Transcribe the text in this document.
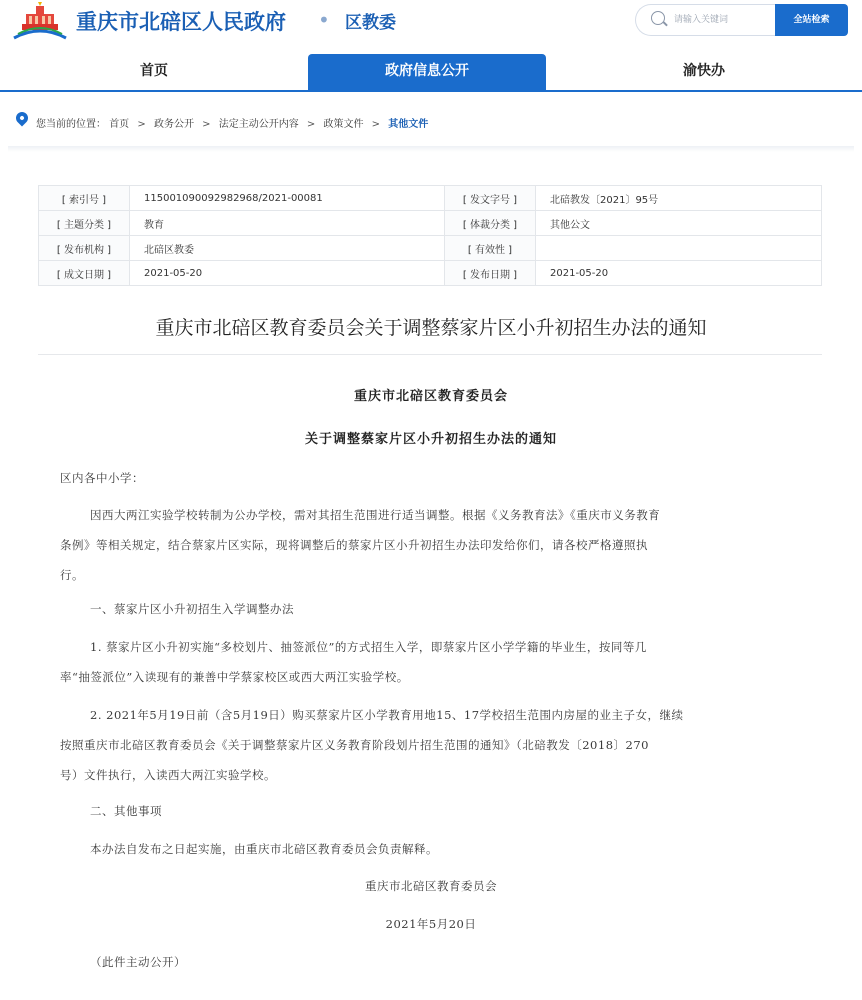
重庆市北碚区人民政府 • 区教委
请输入关键词	全站检索
首页	政府信息公开	渝快办
您当前的位置： 首页 > 政务公开 > 法定主动公开内容 > 政策文件 > 其他文件
[ 索引号 ]	11500109009298296​8/2021-00081	[ 发文字号 ]	北碚教发〔2021〕95号
[ 主题分类 ]	教育	[ 体裁分类 ]	其他公文
[ 发布机构 ]	北碚区教委	[ 有效性 ]	
[ 成文日期 ]	2021-05-20	[ 发布日期 ]	2021-05-20
重庆市北碚区教育委员会关于调整蔡家片区小升初招生办法的通知
重庆市北碚区教育委员会
关于调整蔡家片区小升初招生办法的通知
区内各中小学：
因西大两江实验学校转制为公办学校，需对其招生范围进行适当调整。根据《义务教育法》《重庆市义务教育
条例》等相关规定，结合蔡家片区实际，现将调整后的蔡家片区小升初招生办法印发给你们，请各校严格遵照执
行。
一、蔡家片区小升初招生入学调整办法
1. 蔡家片区小升初实施“多校划片、抽签派位”的方式招生入学，即蔡家片区小学学籍的毕业生，按同等几
率“抽签派位”入读现有的兼善中学蔡家校区或西大两江实验学校。
2. 2021年5月19日前（含5月19日）购买蔡家片区小学教育用地15、17学校招生范围内房屋的业主子女，继续
按照重庆市北碚区教育委员会《关于调整蔡家片区义务教育阶段划片招生范围的通知》（北碚教发〔2018〕270
号）文件执行，入读西大两江实验学校。
二、其他事项
本办法自发布之日起实施，由重庆市北碚区教育委员会负责解释。
重庆市北碚区教育委员会
2021年5月20日
（此件主动公开）
